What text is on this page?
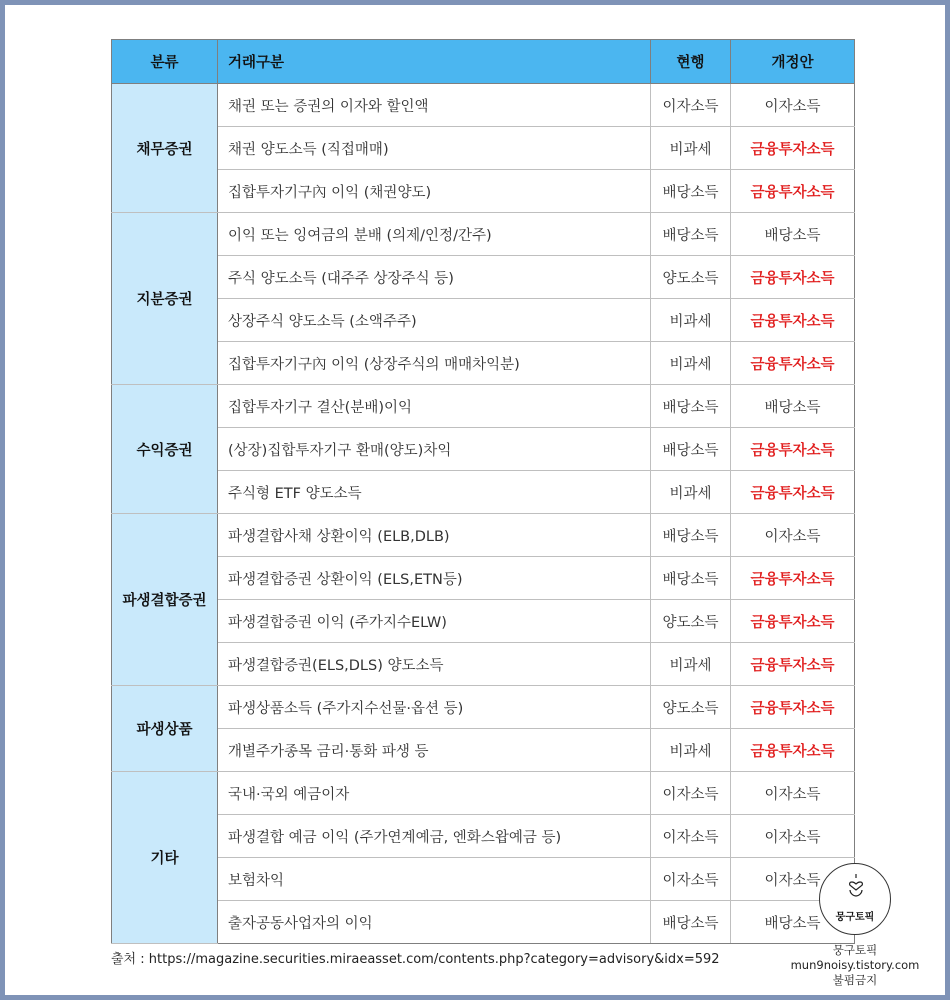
분류	거래구분	현행	개정안
채무증권	채권 또는 증권의 이자와 할인액	이자소득	이자소득
	채권 양도소득 (직접매매)	비과세	금융투자소득
	집합투자기구內 이익 (채권양도)	배당소득	금융투자소득
지분증권	이익 또는 잉여금의 분배 (의제/인정/간주)	배당소득	배당소득
	주식 양도소득 (대주주 상장주식 등)	양도소득	금융투자소득
	상장주식 양도소득 (소액주주)	비과세	금융투자소득
	집합투자기구內 이익 (상장주식의 매매차익분)	비과세	금융투자소득
수익증권	집합투자기구 결산(분배)이익	배당소득	배당소득
	(상장)집합투자기구 환매(양도)차익	배당소득	금융투자소득
	주식형 ETF 양도소득	비과세	금융투자소득
파생결합증권	파생결합사채 상환이익 (ELB,DLB)	배당소득	이자소득
	파생결합증권 상환이익 (ELS,ETN등)	배당소득	금융투자소득
	파생결합증권 이익 (주가지수ELW)	양도소득	금융투자소득
	파생결합증권(ELS,DLS) 양도소득	비과세	금융투자소득
파생상품	파생상품소득 (주가지수선물·옵션 등)	양도소득	금융투자소득
	개별주가종목 금리·통화 파생 등	비과세	금융투자소득
기타	국내·국외 예금이자	이자소득	이자소득
	파생결합 예금 이익 (주가연계예금, 엔화스왑예금 등)	이자소득	이자소득
	보험차익	이자소득	이자소득
	출자공동사업자의 이익	배당소득	배당소득
출처 : https://magazine.securities.miraeasset.com/contents.php?category=advisory&idx=592
뭉구토픽
뭉구토픽
mun9noisy.tistory.com
불펌금지
